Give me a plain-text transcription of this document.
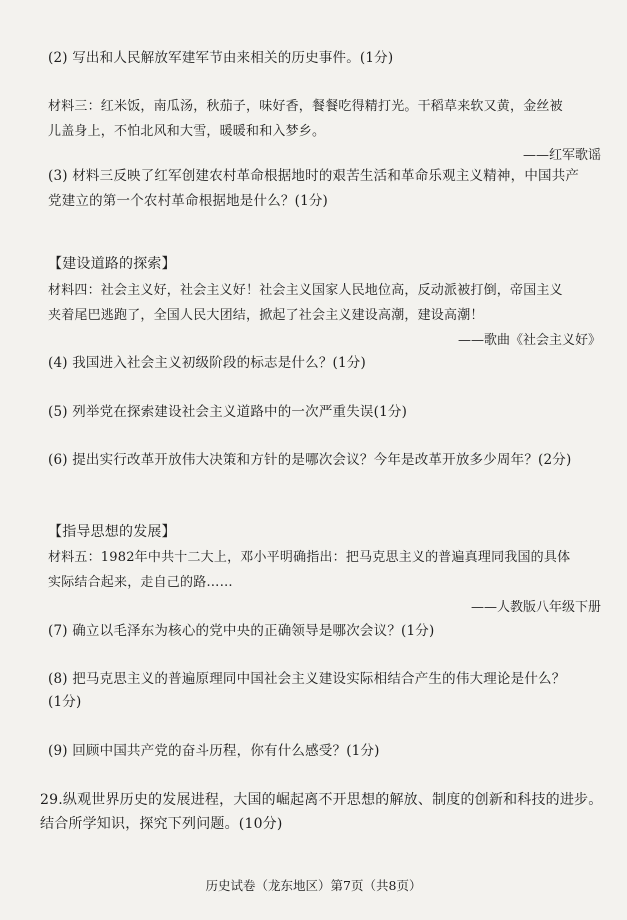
(2) 写出和人民解放军建军节由来相关的历史事件。(1分)
材料三：红米饭，南瓜汤，秋茄子，味好香，餐餐吃得精打光。干稻草来软又黄，金丝被
儿盖身上，不怕北风和大雪，暖暖和和入梦乡。
——红军歌谣
(3) 材料三反映了红军创建农村革命根据地时的艰苦生活和革命乐观主义精神，中国共产
党建立的第一个农村革命根据地是什么？(1分)
【建设道路的探索】
材料四：社会主义好，社会主义好！社会主义国家人民地位高，反动派被打倒，帝国主义
夹着尾巴逃跑了，全国人民大团结，掀起了社会主义建设高潮，建设高潮！
——歌曲《社会主义好》
(4) 我国进入社会主义初级阶段的标志是什么？(1分)
(5) 列举党在探索建设社会主义道路中的一次严重失误(1分)
(6) 提出实行改革开放伟大决策和方针的是哪次会议？今年是改革开放多少周年？(2分)
【指导思想的发展】
材料五：1982年中共十二大上，邓小平明确指出：把马克思主义的普遍真理同我国的具体
实际结合起来，走自己的路……
——人教版八年级下册
(7) 确立以毛泽东为核心的党中央的正确领导是哪次会议？(1分)
(8) 把马克思主义的普遍原理同中国社会主义建设实际相结合产生的伟大理论是什么？
(1分)
(9) 回顾中国共产党的奋斗历程，你有什么感受？(1分)
29.纵观世界历史的发展进程，大国的崛起离不开思想的解放、制度的创新和科技的进步。
结合所学知识，探究下列问题。(10分)
历史试卷（龙东地区）第7页（共8页）
